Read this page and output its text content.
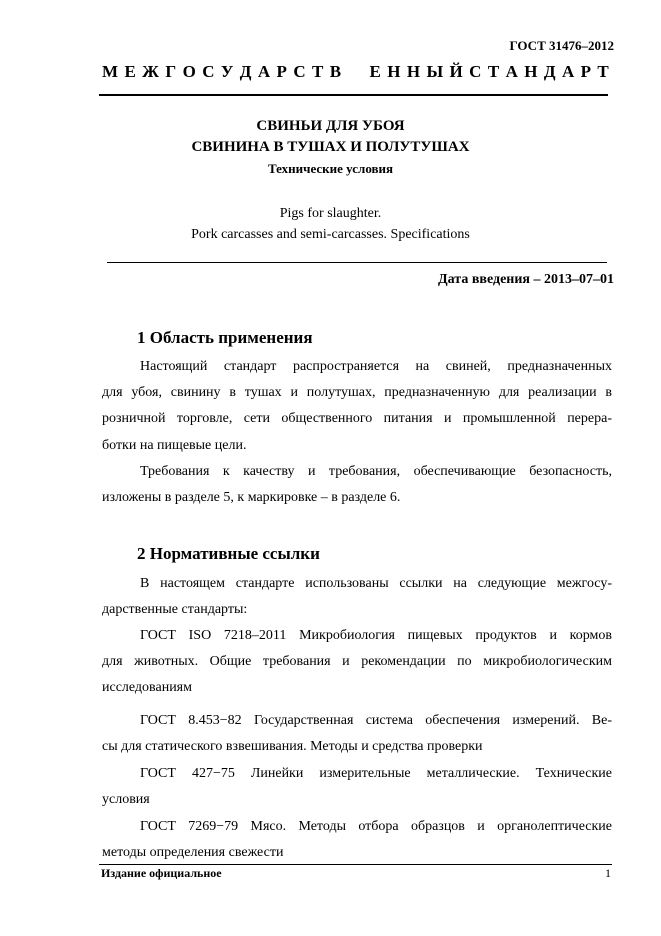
ГОСТ 31476–2012
М Е Ж Г О С У Д А Р С Т В Е Н Н Ы Й С Т А Н Д А Р Т
СВИНЬИ ДЛЯ УБОЯ
СВИНИНА В ТУШАХ И ПОЛУТУШАХ
Технические условия
Pigs for slaughter.
Pork carcasses and semi-carcasses. Specifications
Дата введения – 2013–07–01
1 Область применения
Настоящий стандарт распространяется на свиней, предназначенных
для убоя, свинину в тушах и полутушах, предназначенную для реализации в
розничной торговле, сети общественного питания и промышленной перера-
ботки на пищевые цели.
Требования к качеству и требования, обеспечивающие безопасность,
изложены в разделе 5, к маркировке – в разделе 6.
2 Нормативные ссылки
В настоящем стандарте использованы ссылки на следующие межгосу-
дарственные стандарты:
ГОСТ ISO 7218–2011 Микробиология пищевых продуктов и кормов
для животных. Общие требования и рекомендации по микробиологическим
исследованиям
ГОСТ 8.453−82 Государственная система обеспечения измерений. Ве-
сы для статического взвешивания. Методы и средства проверки
ГОСТ 427−75 Линейки измерительные металлические. Технические
условия
ГОСТ 7269−79 Мясо. Методы отбора образцов и органолептические
методы определения свежести
Издание официальное	1
